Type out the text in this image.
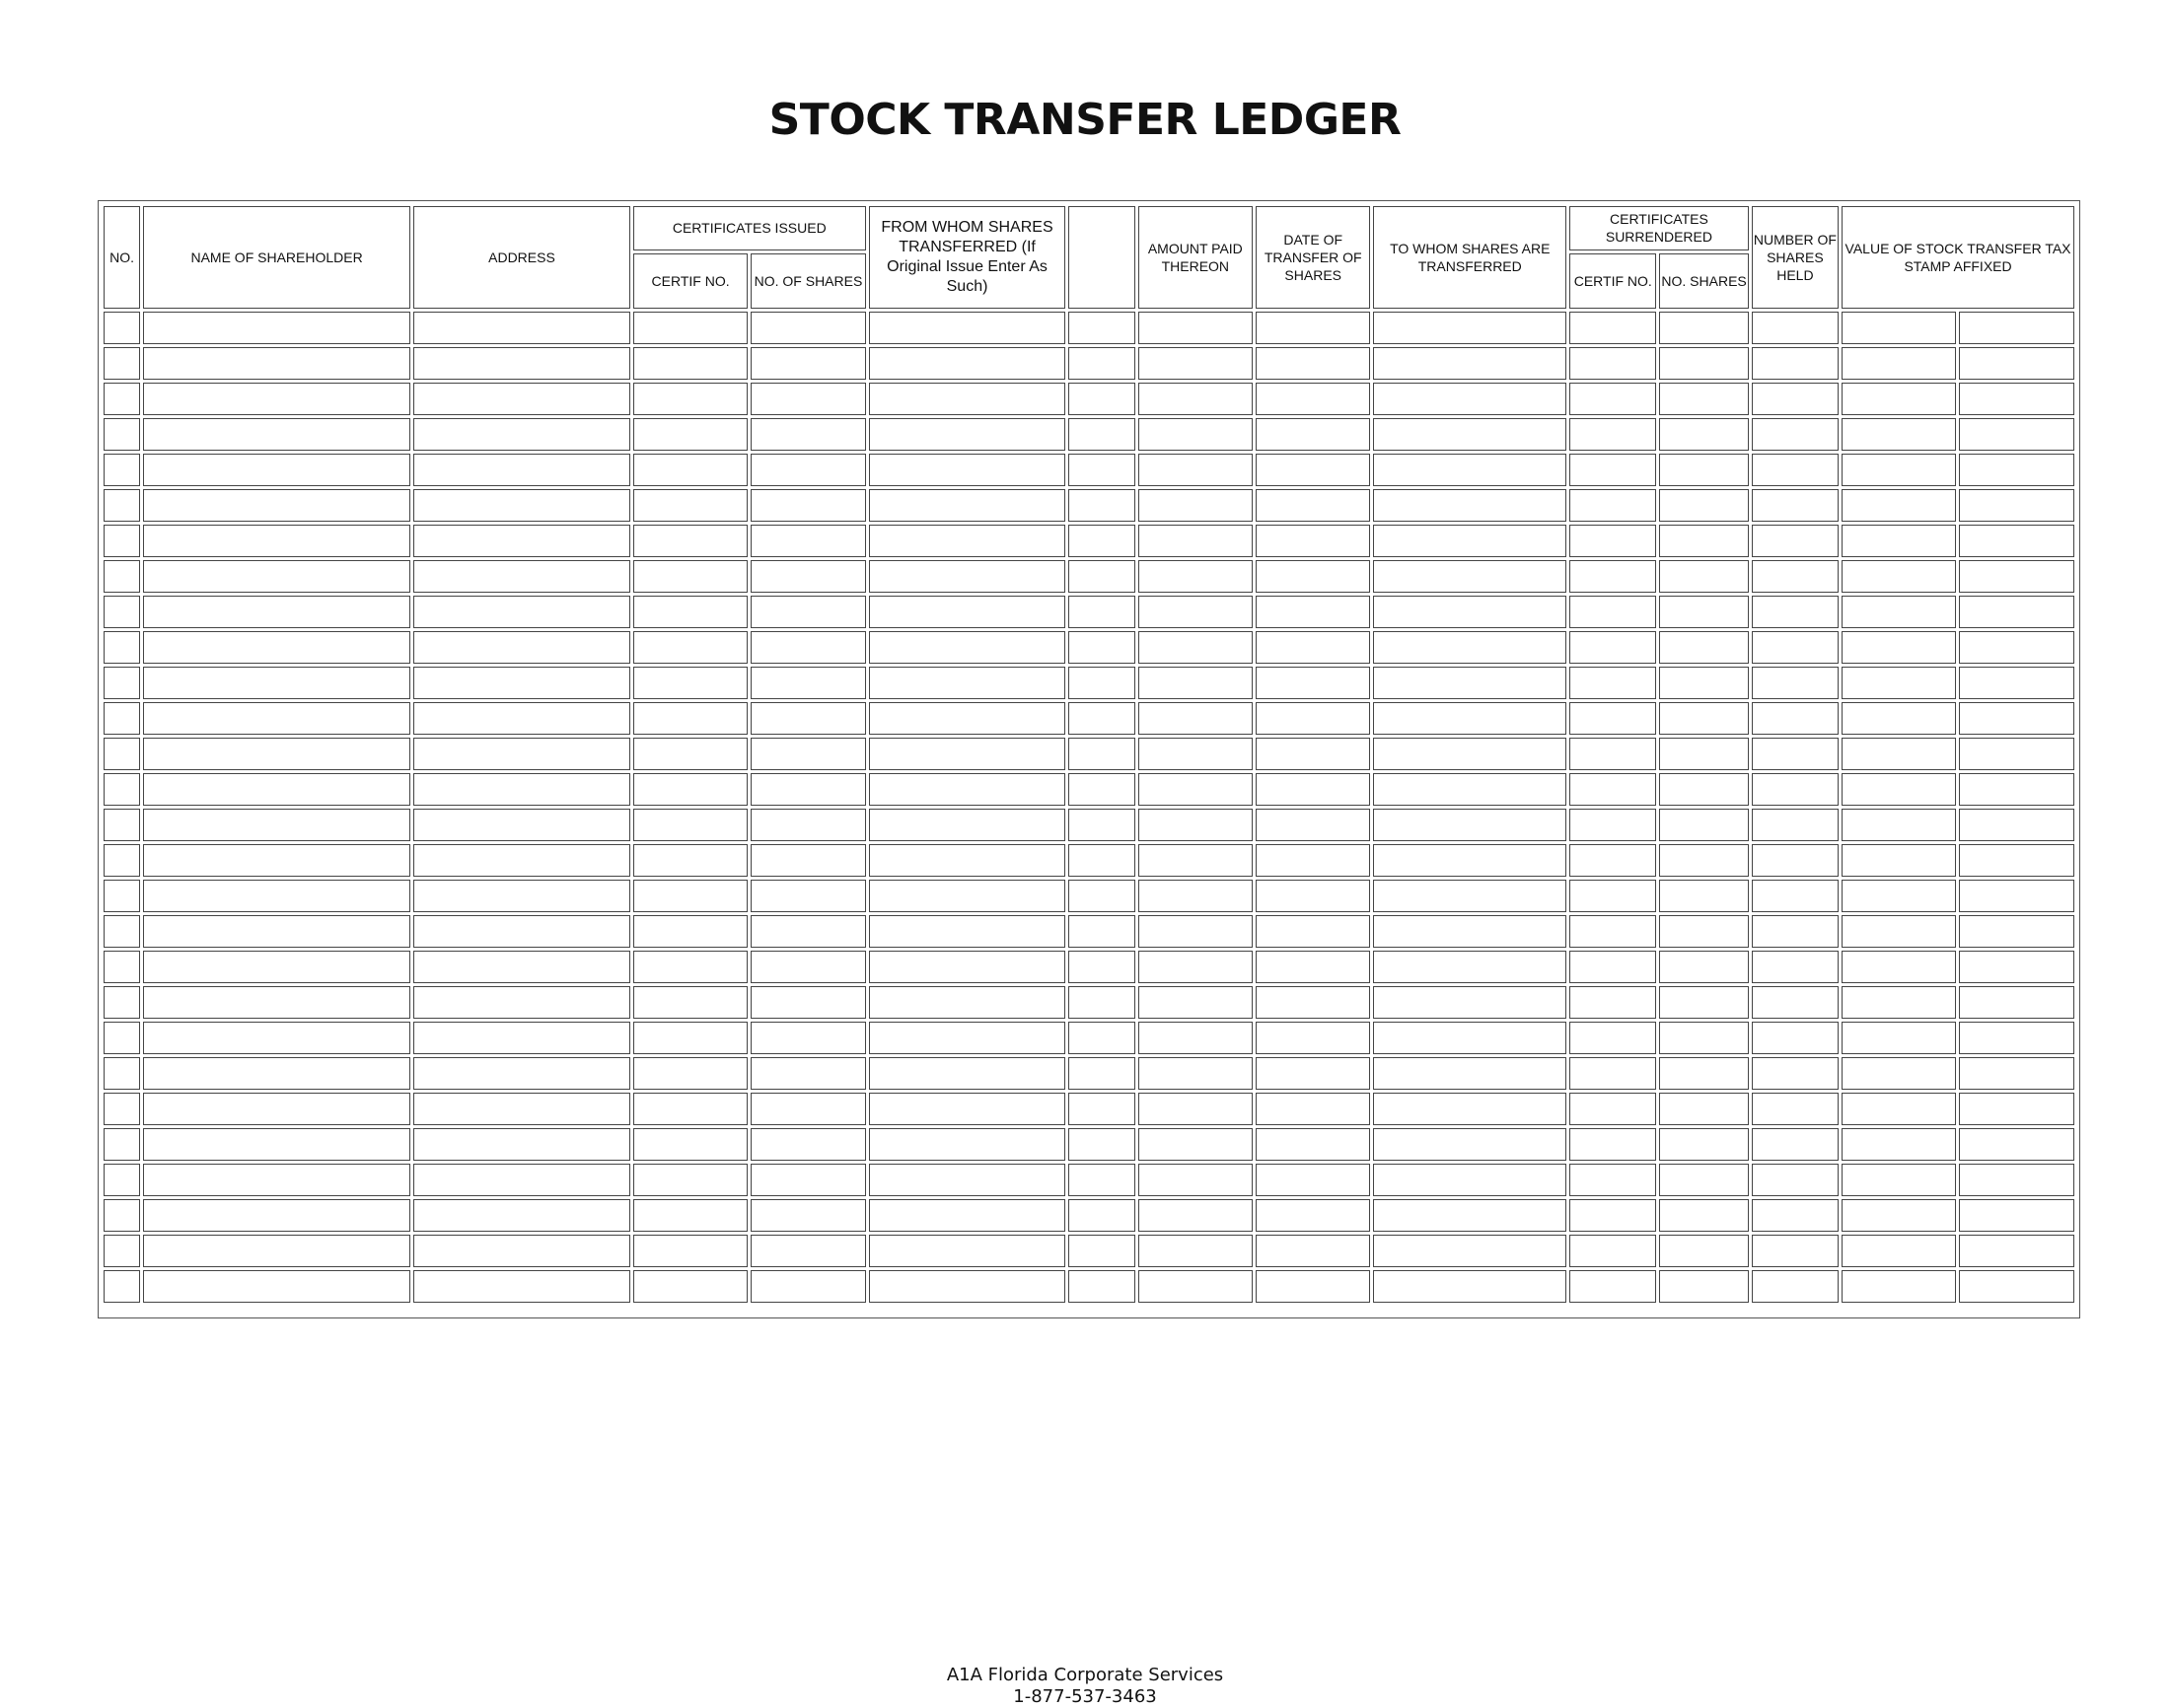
STOCK TRANSFER LEDGER
NO.	NAME OF SHAREHOLDER	ADDRESS	CERTIFICATES ISSUED		FROM WHOM SHARES TRANSFERRED (If Original Issue Enter As Such)		AMOUNT PAID THEREON	DATE OF TRANSFER OF SHARES	TO WHOM SHARES ARE TRANSFERRED	CERTIFICATES SURRENDERED		NUMBER OF SHARES HELD	VALUE OF STOCK TRANSFER TAX STAMP AFFIXED	
			CERTIF NO.	NO. OF SHARES						CERTIF NO.	NO. SHARES			

A1A Florida Corporate Services
1-877-537-3463
